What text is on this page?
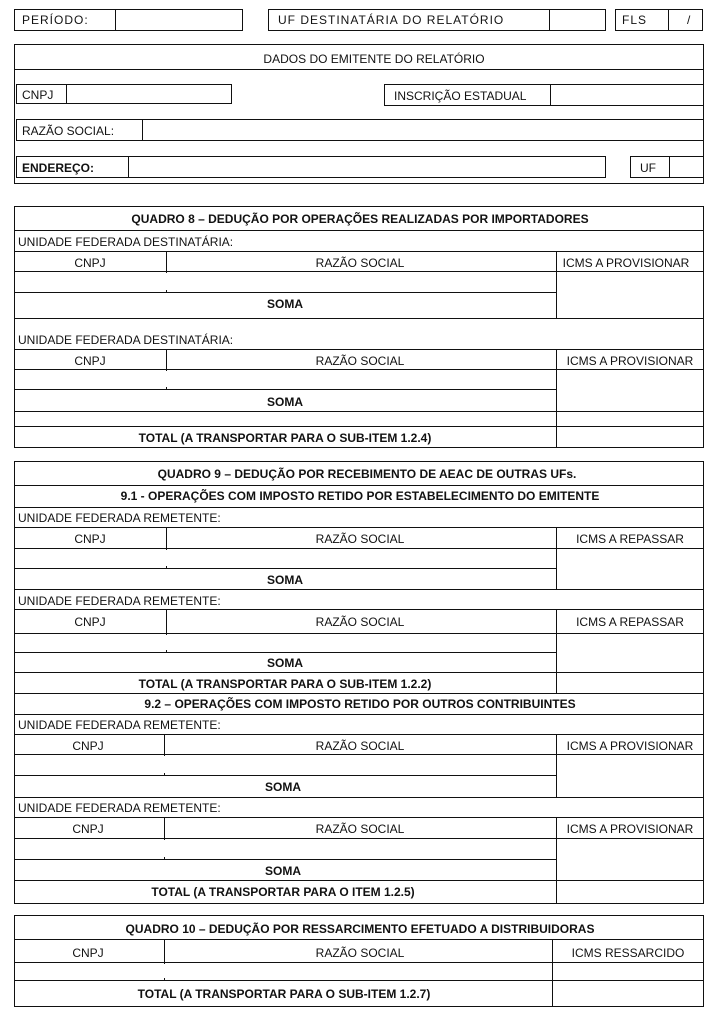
PERÍODO:	UF DESTINATÁRIA DO RELATÓRIO	FLS	/
DADOS DO EMITENTE DO RELATÓRIO
CNPJ	INSCRIÇÃO ESTADUAL
RAZÃO SOCIAL:
ENDEREÇO:	UF
QUADRO 8 – DEDUÇÃO POR OPERAÇÕES REALIZADAS POR IMPORTADORES
UNIDADE FEDERADA DESTINATÁRIA:
CNPJ	RAZÃO SOCIAL	ICMS A PROVISIONAR
SOMA
UNIDADE FEDERADA DESTINATÁRIA:
CNPJ	RAZÃO SOCIAL	ICMS A PROVISIONAR
SOMA
TOTAL (A TRANSPORTAR PARA O SUB-ITEM 1.2.4)
QUADRO 9 – DEDUÇÃO POR RECEBIMENTO DE AEAC DE OUTRAS UFs.
9.1 - OPERAÇÕES COM IMPOSTO RETIDO POR ESTABELECIMENTO DO EMITENTE
UNIDADE FEDERADA REMETENTE:
CNPJ	RAZÃO SOCIAL	ICMS A REPASSAR
SOMA
UNIDADE FEDERADA REMETENTE:
CNPJ	RAZÃO SOCIAL	ICMS A REPASSAR
SOMA
TOTAL (A TRANSPORTAR PARA O SUB-ITEM 1.2.2)
9.2 – OPERAÇÕES COM IMPOSTO RETIDO POR OUTROS CONTRIBUINTES
UNIDADE FEDERADA REMETENTE:
CNPJ	RAZÃO SOCIAL	ICMS A PROVISIONAR
SOMA
UNIDADE FEDERADA REMETENTE:
CNPJ	RAZÃO SOCIAL	ICMS A PROVISIONAR
SOMA
TOTAL (A TRANSPORTAR PARA O ITEM 1.2.5)
QUADRO 10 – DEDUÇÃO POR RESSARCIMENTO EFETUADO A DISTRIBUIDORAS
CNPJ	RAZÃO SOCIAL	ICMS RESSARCIDO
TOTAL (A TRANSPORTAR PARA O SUB-ITEM 1.2.7)
